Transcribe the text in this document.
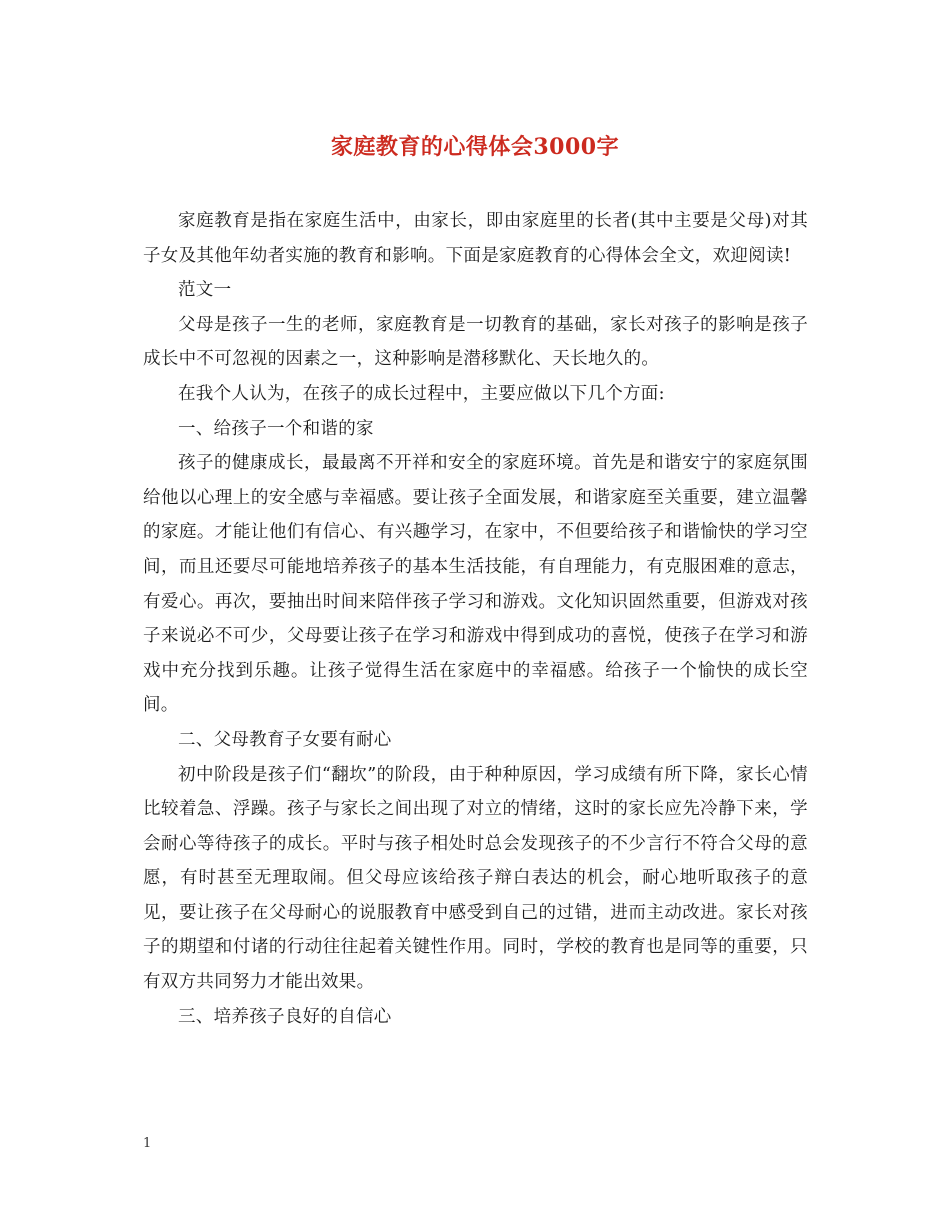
家庭教育的心得体会3000字

家庭教育是指在家庭生活中，由家长，即由家庭里的长者(其中主要是父母)对其子女及其他年幼者实施的教育和影响。下面是家庭教育的心得体会全文，欢迎阅读!

范文一

父母是孩子一生的老师，家庭教育是一切教育的基础，家长对孩子的影响是孩子成长中不可忽视的因素之一，这种影响是潜移默化、天长地久的。

在我个人认为，在孩子的成长过程中，主要应做以下几个方面:

一、给孩子一个和谐的家

孩子的健康成长，最最离不开祥和安全的家庭环境。首先是和谐安宁的家庭氛围给他以心理上的安全感与幸福感。要让孩子全面发展，和谐家庭至关重要，建立温馨的家庭。才能让他们有信心、有兴趣学习，在家中，不但要给孩子和谐愉快的学习空间，而且还要尽可能地培养孩子的基本生活技能，有自理能力，有克服困难的意志，有爱心。再次，要抽出时间来陪伴孩子学习和游戏。文化知识固然重要，但游戏对孩子来说必不可少，父母要让孩子在学习和游戏中得到成功的喜悦，使孩子在学习和游戏中充分找到乐趣。让孩子觉得生活在家庭中的幸福感。给孩子一个愉快的成长空间。

二、父母教育子女要有耐心

初中阶段是孩子们“翻坎”的阶段，由于种种原因，学习成绩有所下降，家长心情比较着急、浮躁。孩子与家长之间出现了对立的情绪，这时的家长应先冷静下来，学会耐心等待孩子的成长。平时与孩子相处时总会发现孩子的不少言行不符合父母的意愿，有时甚至无理取闹。但父母应该给孩子辩白表达的机会，耐心地听取孩子的意见，要让孩子在父母耐心的说服教育中感受到自己的过错，进而主动改进。家长对孩子的期望和付诸的行动往往起着关键性作用。同时，学校的教育也是同等的重要，只有双方共同努力才能出效果。

三、培养孩子良好的自信心

1
